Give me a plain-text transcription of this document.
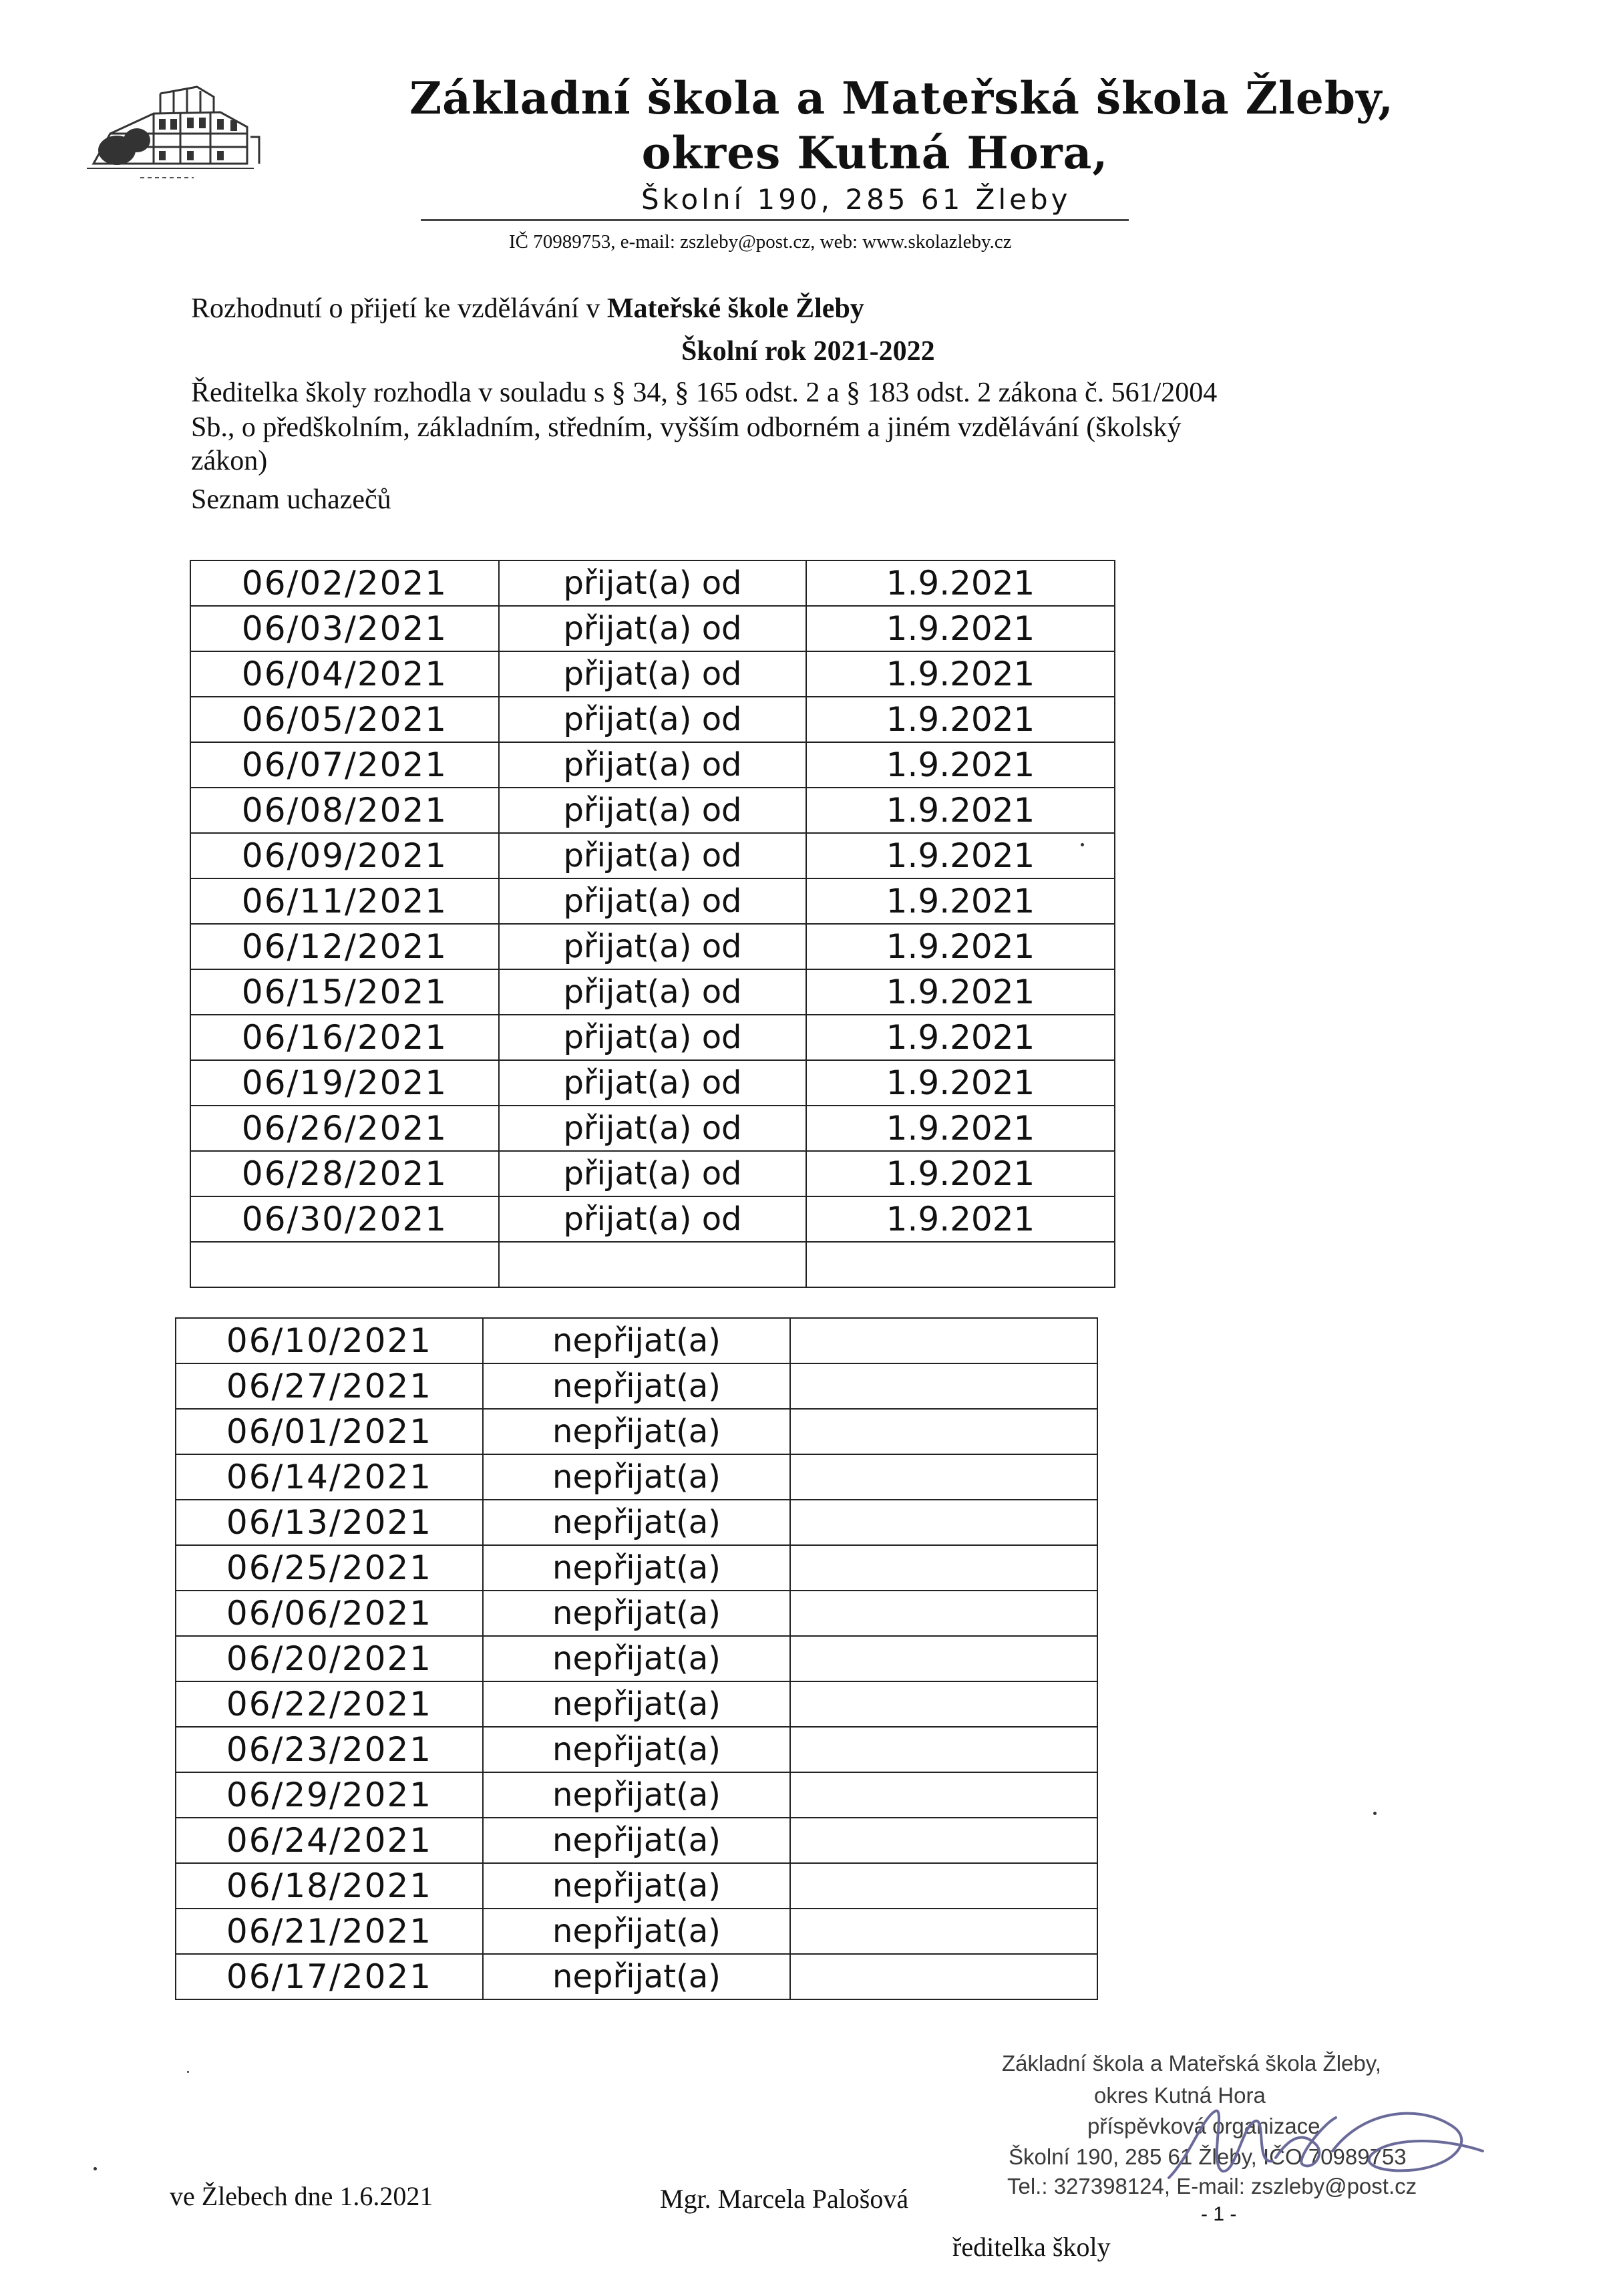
Základní škola a Mateřská škola Žleby,
okres Kutná Hora,
Školní 190, 285 61 Žleby
IČ 70989753, e-mail: zszleby@post.cz, web: www.skolazleby.cz
Rozhodnutí o přijetí ke vzdělávání v Mateřské škole Žleby
Školní rok 2021-2022
Ředitelka školy rozhodla v souladu s § 34, § 165 odst. 2 a § 183 odst. 2 zákona č. 561/2004
Sb., o předškolním, základním, středním, vyšším odborném a jiném vzdělávání (školský
zákon)
Seznam uchazečů
06/02/2021	přijat(a) od	1.9.2021
06/03/2021	přijat(a) od	1.9.2021
06/04/2021	přijat(a) od	1.9.2021
06/05/2021	přijat(a) od	1.9.2021
06/07/2021	přijat(a) od	1.9.2021
06/08/2021	přijat(a) od	1.9.2021
06/09/2021	přijat(a) od	1.9.2021
06/11/2021	přijat(a) od	1.9.2021
06/12/2021	přijat(a) od	1.9.2021
06/15/2021	přijat(a) od	1.9.2021
06/16/2021	přijat(a) od	1.9.2021
06/19/2021	přijat(a) od	1.9.2021
06/26/2021	přijat(a) od	1.9.2021
06/28/2021	přijat(a) od	1.9.2021
06/30/2021	přijat(a) od	1.9.2021

06/10/2021	nepřijat(a)	
06/27/2021	nepřijat(a)	
06/01/2021	nepřijat(a)	
06/14/2021	nepřijat(a)	
06/13/2021	nepřijat(a)	
06/25/2021	nepřijat(a)	
06/06/2021	nepřijat(a)	
06/20/2021	nepřijat(a)	
06/22/2021	nepřijat(a)	
06/23/2021	nepřijat(a)	
06/29/2021	nepřijat(a)	
06/24/2021	nepřijat(a)	
06/18/2021	nepřijat(a)	
06/21/2021	nepřijat(a)	
06/17/2021	nepřijat(a)	
Základní škola a Mateřská škola Žleby,
okres Kutná Hora
příspěvková organizace
Školní 190, 285 61 Žleby, IČO 70989753
Tel.: 327398124, E-mail: zszleby@post.cz
ve Žlebech dne 1.6.2021	Mgr. Marcela Palošová
- 1 -
ředitelka školy
